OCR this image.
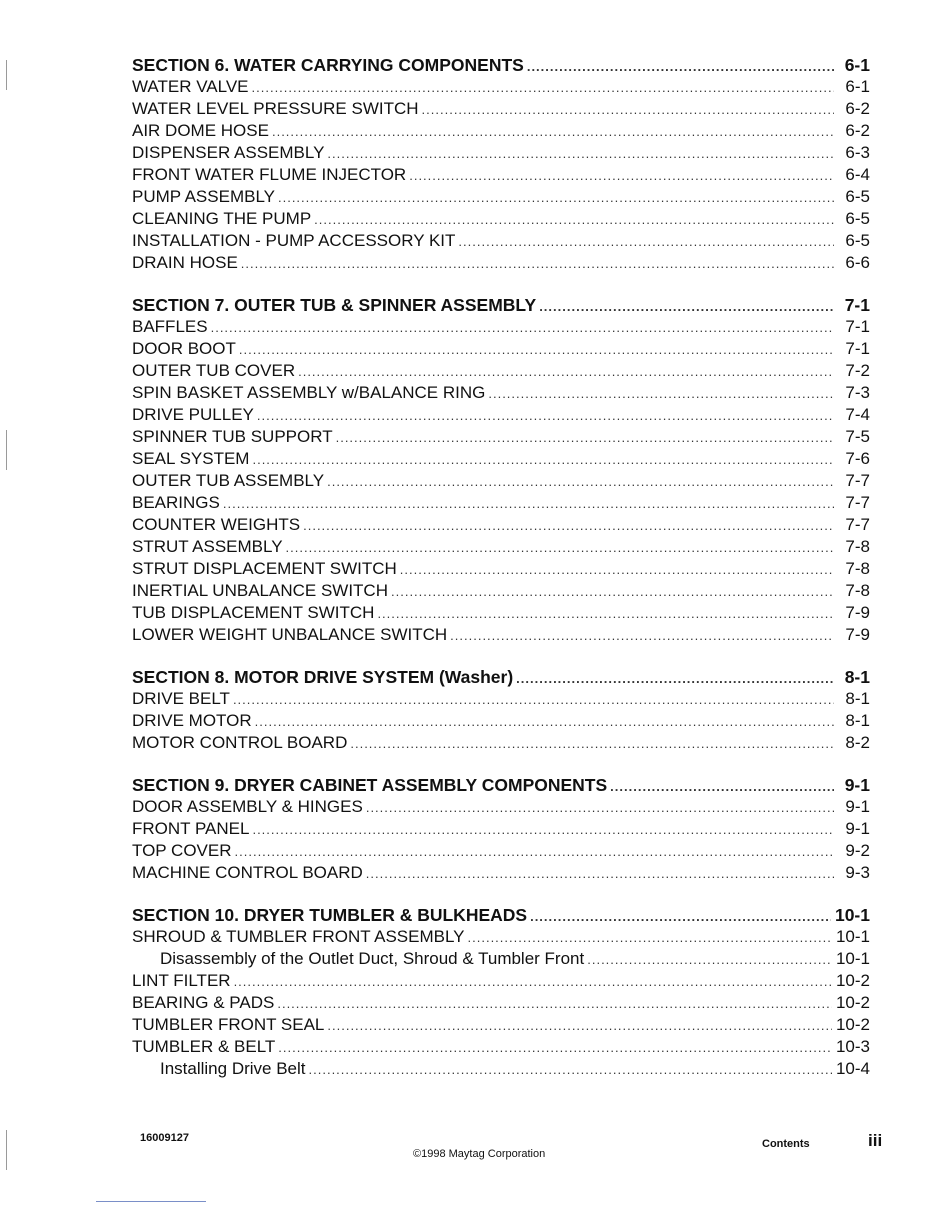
SECTION 6. WATER CARRYING COMPONENTS .....	6-1
WATER VALVE .....	6-1
WATER LEVEL PRESSURE SWITCH .....	6-2
AIR DOME HOSE .....	6-2
DISPENSER ASSEMBLY .....	6-3
FRONT WATER FLUME INJECTOR .....	6-4
PUMP ASSEMBLY .....	6-5
CLEANING THE PUMP .....	6-5
INSTALLATION - PUMP ACCESSORY KIT .....	6-5
DRAIN HOSE .....	6-6
SECTION 7. OUTER TUB & SPINNER ASSEMBLY .....	7-1
BAFFLES .....	7-1
DOOR BOOT .....	7-1
OUTER TUB COVER .....	7-2
SPIN BASKET ASSEMBLY w/BALANCE RING .....	7-3
DRIVE PULLEY .....	7-4
SPINNER TUB SUPPORT .....	7-5
SEAL SYSTEM .....	7-6
OUTER TUB ASSEMBLY .....	7-7
BEARINGS .....	7-7
COUNTER WEIGHTS .....	7-7
STRUT ASSEMBLY .....	7-8
STRUT DISPLACEMENT SWITCH .....	7-8
INERTIAL UNBALANCE SWITCH .....	7-8
TUB DISPLACEMENT SWITCH .....	7-9
LOWER WEIGHT UNBALANCE SWITCH .....	7-9
SECTION 8. MOTOR DRIVE SYSTEM (Washer) .....	8-1
DRIVE BELT .....	8-1
DRIVE MOTOR .....	8-1
MOTOR CONTROL BOARD .....	8-2
SECTION 9. DRYER CABINET ASSEMBLY COMPONENTS .....	9-1
DOOR ASSEMBLY & HINGES .....	9-1
FRONT PANEL .....	9-1
TOP COVER .....	9-2
MACHINE CONTROL BOARD .....	9-3
SECTION 10. DRYER TUMBLER & BULKHEADS .....	10-1
SHROUD & TUMBLER FRONT ASSEMBLY .....	10-1
Disassembly of the Outlet Duct, Shroud & Tumbler Front .....	10-1
LINT FILTER .....	10-2
BEARING & PADS .....	10-2
TUMBLER FRONT SEAL .....	10-2
TUMBLER & BELT .....	10-3
Installing Drive Belt .....	10-4
16009127
©1998 Maytag Corporation
Contents	iii
